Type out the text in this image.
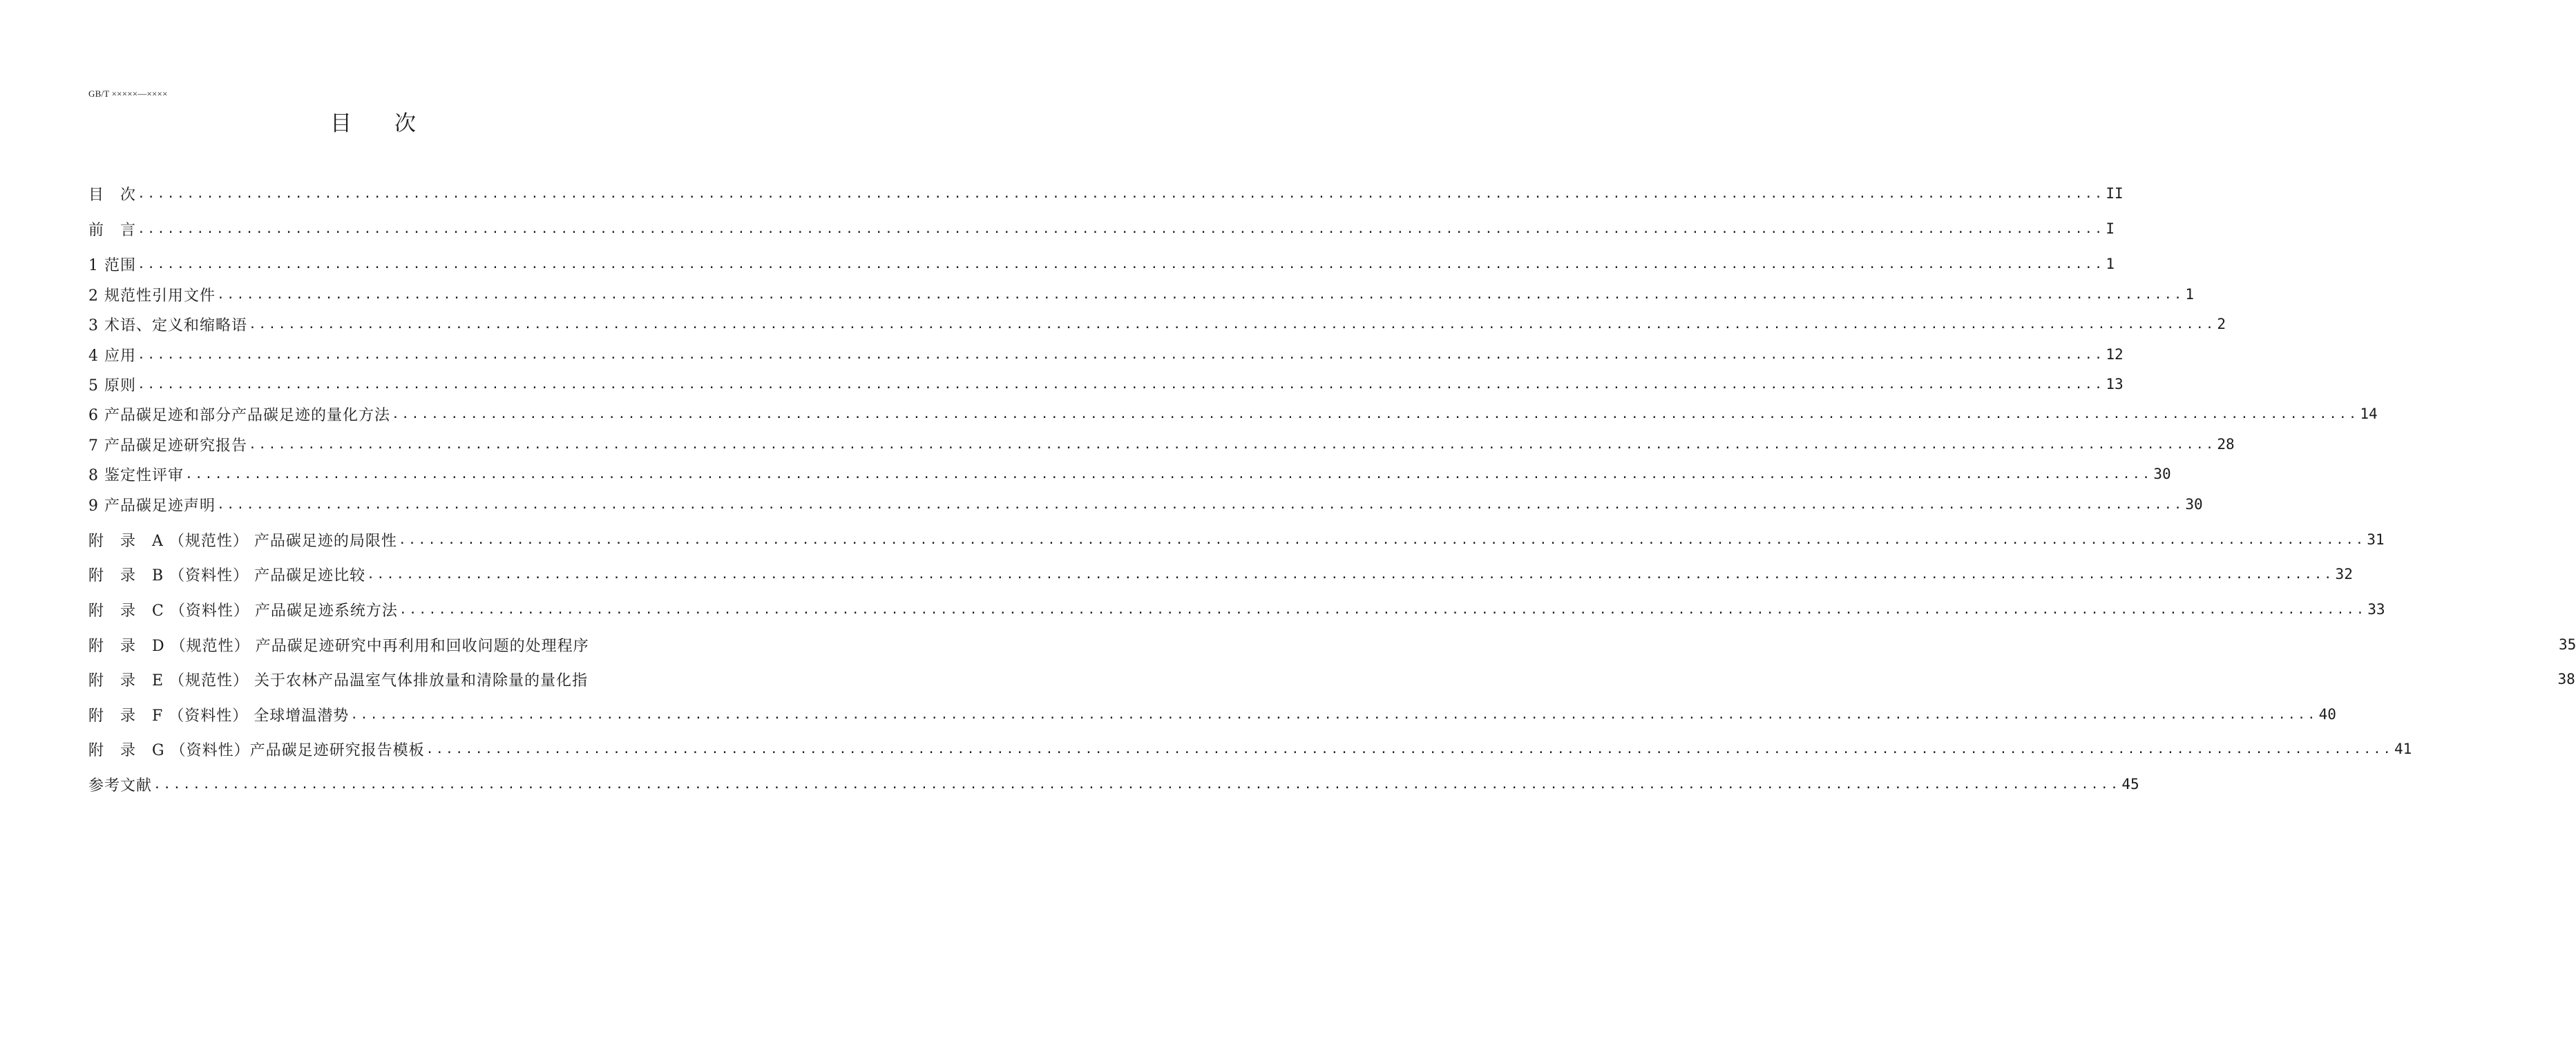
GB/T ×××××—××××
目　　次
目　次 ........................................................................................................................................................................................................ II
前　言 ........................................................................................................................................................................................................ I
1 范围 ........................................................................................................................................................................................................ 1
2 规范性引用文件 ........................................................................................................................................................................................................ 1
3 术语、定义和缩略语 ........................................................................................................................................................................................................ 2
4 应用 ........................................................................................................................................................................................................ 12
5 原则 ........................................................................................................................................................................................................ 13
6 产品碳足迹和部分产品碳足迹的量化方法 ........................................................................................................................................................................................................ 14
7 产品碳足迹研究报告 ........................................................................................................................................................................................................ 28
8 鉴定性评审 ........................................................................................................................................................................................................ 30
9 产品碳足迹声明 ........................................................................................................................................................................................................ 30
附　录　A （规范性） 产品碳足迹的局限性 ........................................................................................................................................................................................................ 31
附　录　B （资料性） 产品碳足迹比较 ........................................................................................................................................................................................................ 32
附　录　C （资料性） 产品碳足迹系统方法 ........................................................................................................................................................................................................ 33
附　录　D （规范性） 产品碳足迹研究中再利用和回收问题的处理程序	35
附　录　E （规范性） 关于农林产品温室气体排放量和清除量的量化指	38
附　录　F （资料性） 全球增温潜势 ........................................................................................................................................................................................................ 40
附　录　G （资料性）产品碳足迹研究报告模板 ........................................................................................................................................................................................................ 41
参考文献 ........................................................................................................................................................................................................ 45
